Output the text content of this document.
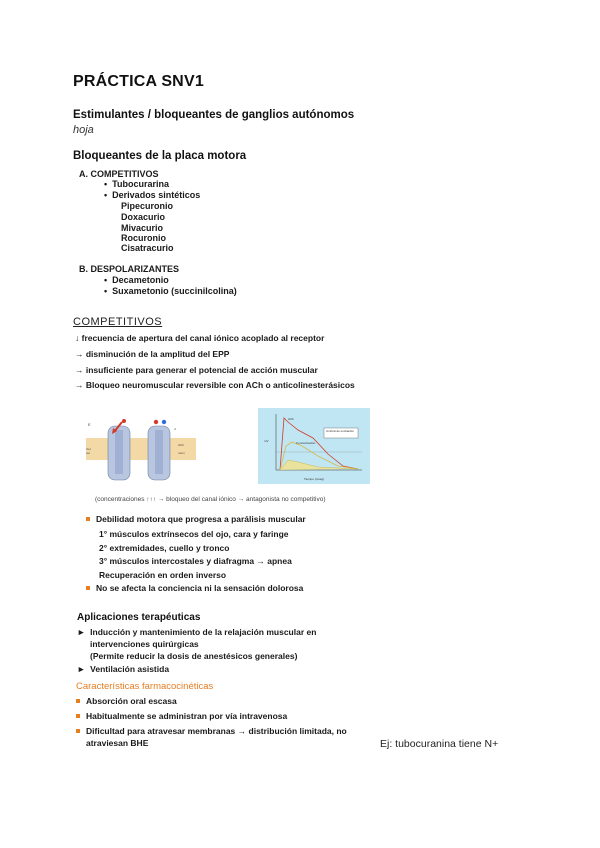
PRÁCTICA SNV1
Estimulantes / bloqueantes de ganglios autónomos
hoja
Bloqueantes de la placa motora
A. COMPETITIVOS
• Tubocurarina
• Derivados sintéticos
Pipecuronio
Doxacurio
Mivacurio
Rocuronio
Cisatracurio
B. DESPOLARIZANTES
• Decametonio
• Suxametonio (succinilcolina)
COMPETITIVOS
↓ frecuencia de apertura del canal iónico acoplado al receptor
→ disminución de la amplitud del EPP
→ insuficiente para generar el potencial de acción muscular
→ Bloqueo neuromuscular reversible con ACh o anticolinesterásicos
E
Cel
rec
ACh
mem
d	Umbral de excitación
ACh
Concentración
Tiempo (mseg)
mV
(concentraciones ↑↑↑ → bloqueo del canal iónico → antagonista no competitivo)
Debilidad motora que progresa a parálisis muscular
1° músculos extrínsecos del ojo, cara y faringe
2° extremidades, cuello y tronco
3° músculos intercostales y diafragma → apnea
Recuperación en orden inverso
No se afecta la conciencia ni la sensación dolorosa
Aplicaciones terapéuticas
► Inducción y mantenimiento de la relajación muscular en
intervenciones quirúrgicas
(Permite reducir la dosis de anestésicos generales)
► Ventilación asistida
Características farmacocinéticas
Absorción oral escasa
Habitualmente se administran por vía intravenosa
Dificultad para atravesar membranas → distribución limitada, no
atraviesan BHE	Ej: tubocuranina tiene N+
